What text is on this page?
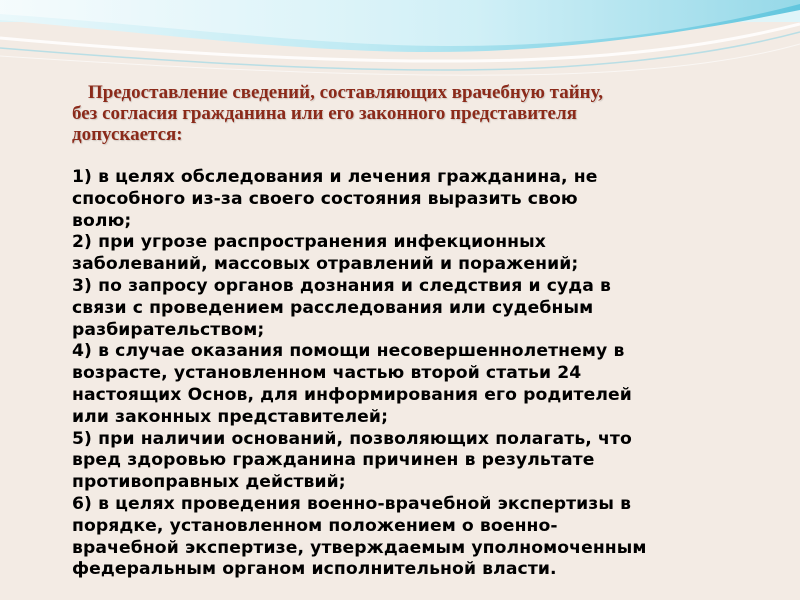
Предоставление сведений, составляющих врачебную тайну,
без согласия гражданина или его законного представителя
допускается:

1) в целях обследования и лечения гражданина, не
способного из-за своего состояния выразить свою
волю;
2) при угрозе распространения инфекционных
заболеваний, массовых отравлений и поражений;
3) по запросу органов дознания и следствия и суда в
связи с проведением расследования или судебным
разбирательством;
4) в случае оказания помощи несовершеннолетнему в
возрасте, установленном частью второй статьи 24
настоящих Основ, для информирования его родителей
или законных представителей;
5) при наличии оснований, позволяющих полагать, что
вред здоровью гражданина причинен в результате
противоправных действий;
6) в целях проведения военно-врачебной экспертизы в
порядке, установленном положением о военно-
врачебной экспертизе, утверждаемым уполномоченным
федеральным органом исполнительной власти.
